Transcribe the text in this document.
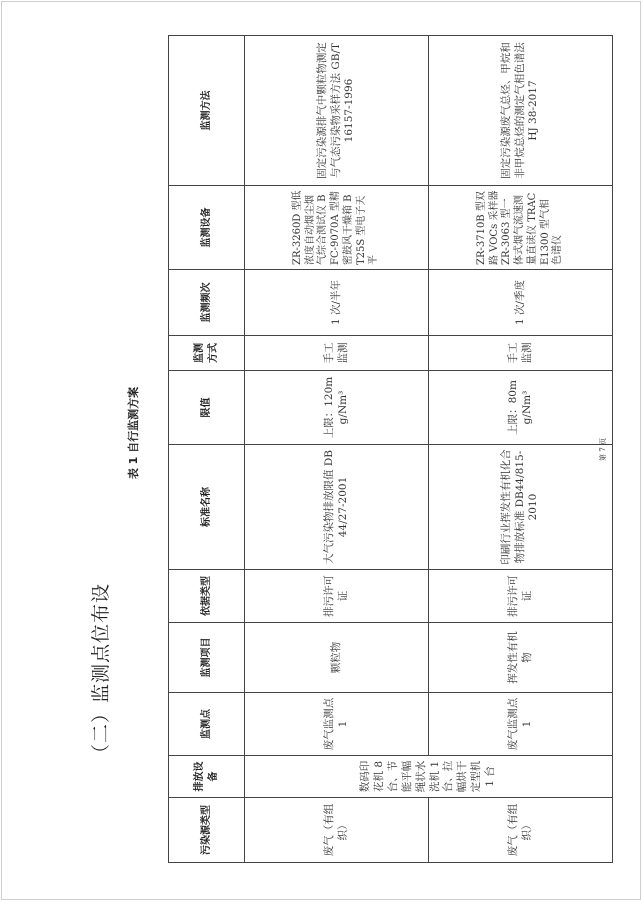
（二）监测点位布设
表 1 自行监测方案
污染源类型	排放设备	监测点	监测项目	依据类型	标准名称	限值	监测方式	监测频次	监测设备	监测方法
废气（有组织）	数码印花机 8 台、节能平幅绳状水洗机 1 台、拉幅烘干定型机 1 台	废气监测点 1	颗粒物	排污许可证	大气污染物排放限值 DB44/27-2001	上限：120mg/Nm³	手工监测	1 次/半年	ZR-3260D 型低浓度自动烟尘烟气综合测试仪 BFC-9070A 型精密鼓风干燥箱 BT25S 型电子天平	固定污染源排气中颗粒物测定与气态污染物采样方法 GB/T 16157-1996
废气（有组织）		废气监测点 1	挥发性有机物	排污许可证	印刷行业挥发性有机化合物排放标准 DB44/815-2010	上限：80mg/Nm³	手工监测	1 次/季度	ZR-3710B 型双路 VOCs 采样器 ZR-3063 型一体式烟气流速测量直读仪 TRACE1300 型气相色谱仪	固定污染源废气总烃、甲烷和非甲烷总烃的测定气相色谱法 HJ 38-2017
第 7 页
